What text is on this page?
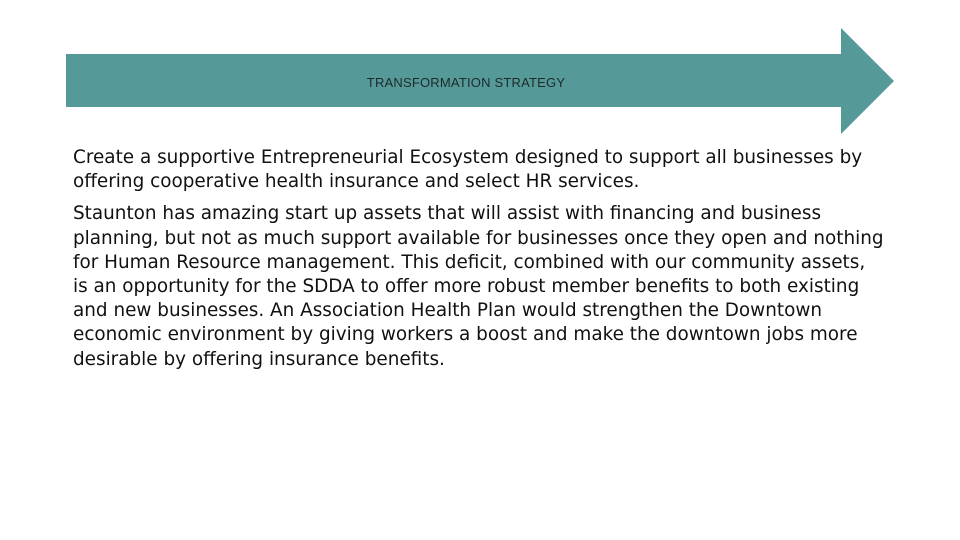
TRANSFORMATION STRATEGY

Create a supportive Entrepreneurial Ecosystem designed to support all businesses by offering cooperative health insurance and select HR services.

Staunton has amazing start up assets that will assist with financing and business planning, but not as much support available for businesses once they open and nothing for Human Resource management. This deficit, combined with our community assets, is an opportunity for the SDDA to offer more robust member benefits to both existing and new businesses. An Association Health Plan would strengthen the Downtown economic environment by giving workers a boost and make the downtown jobs more desirable by offering insurance benefits.
